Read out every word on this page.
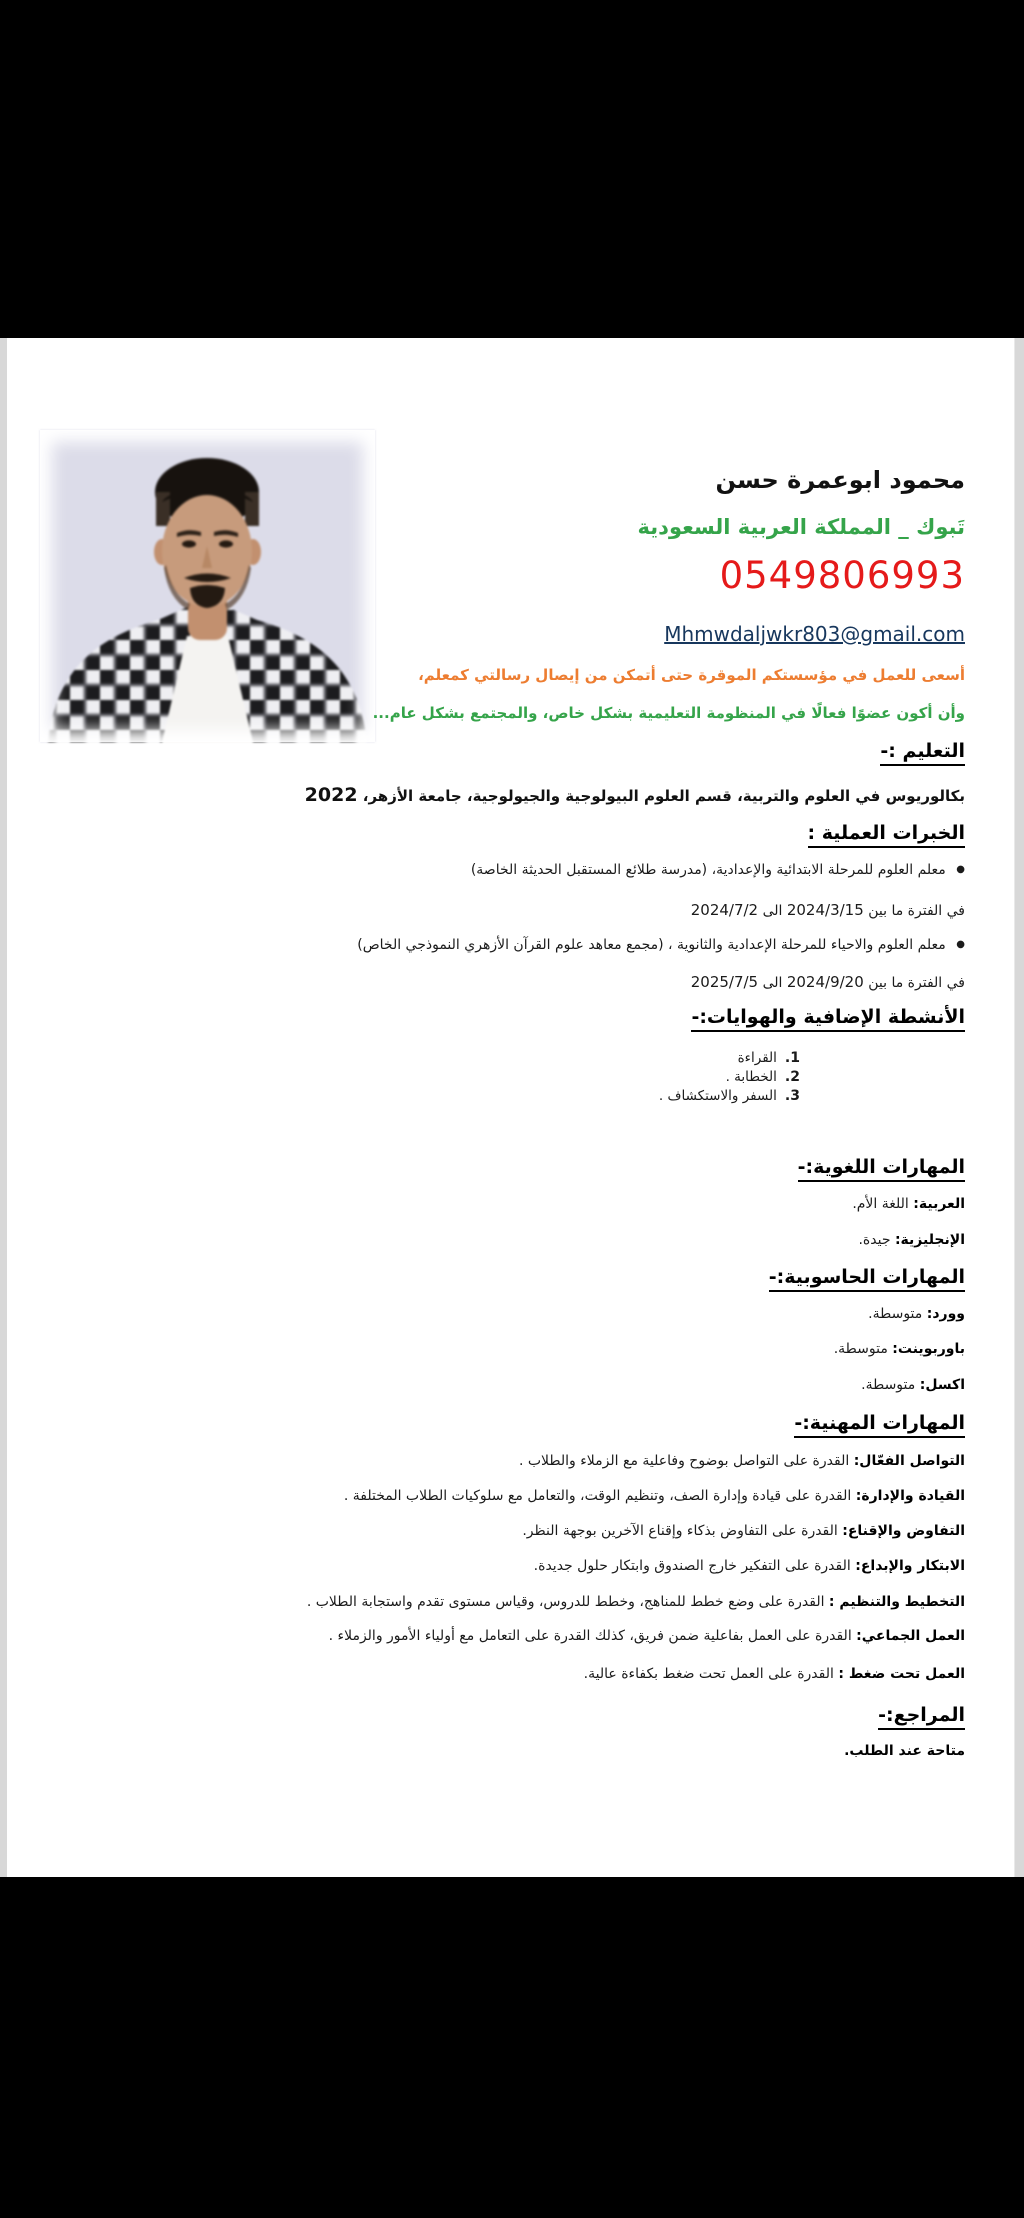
محمود ابوعمرة حسن
تَبوك _ المملكة العربية السعودية
0549806993
Mhmwdaljwkr803@gmail.com
أسعى للعمل في مؤسستكم الموقرة حتى أتمكن من إيصال رسالتي كمعلم،
وأن أكون عضوًا فعالًا في المنظومة التعليمية بشكل خاص، والمجتمع بشكل عام...
التعليم :-
بكالوريوس في العلوم والتربية، قسم العلوم البيولوجية والجيولوجية، جامعة الأزهر، 2022
الخبرات العملية :
● معلم العلوم للمرحلة الابتدائية والإعدادية، (مدرسة طلائع المستقبل الحديثة الخاصة)
في الفترة ما بين 2024/3/15 الى 2024/7/2
● معلم العلوم والاحياء للمرحلة الإعدادية والثانوية ، (مجمع معاهد علوم القرآن الأزهري النموذجي الخاص)
في الفترة ما بين 2024/9/20 الى 2025/7/5
الأنشطة الإضافية والهوايات:-
1.القراءة
2.الخطابة .
3.السفر والاستكشاف .
المهارات اللغوية:-
العربية: اللغة الأم.
الإنجليزية: جيدة.
المهارات الحاسوبية:-
وورد: متوسطة.
باوربوينت: متوسطة.
اكسل: متوسطة.
المهارات المهنية:-
التواصل الفعّال: القدرة على التواصل بوضوح وفاعلية مع الزملاء والطلاب .
القيادة والإدارة: القدرة على قيادة وإدارة الصف، وتنظيم الوقت، والتعامل مع سلوكيات الطلاب المختلفة .
التفاوض والإقناع: القدرة على التفاوض بذكاء وإقناع الآخرين بوجهة النظر.
الابتكار والإبداع: القدرة على التفكير خارج الصندوق وابتكار حلول جديدة.
التخطيط والتنظيم : القدرة على وضع خطط للمناهج، وخطط للدروس، وقياس مستوى تقدم واستجابة الطلاب .
العمل الجماعي: القدرة على العمل بفاعلية ضمن فريق، كذلك القدرة على التعامل مع أولياء الأمور والزملاء .
العمل تحت ضغط : القدرة على العمل تحت ضغط بكفاءة عالية.
المراجع:-
متاحة عند الطلب.
